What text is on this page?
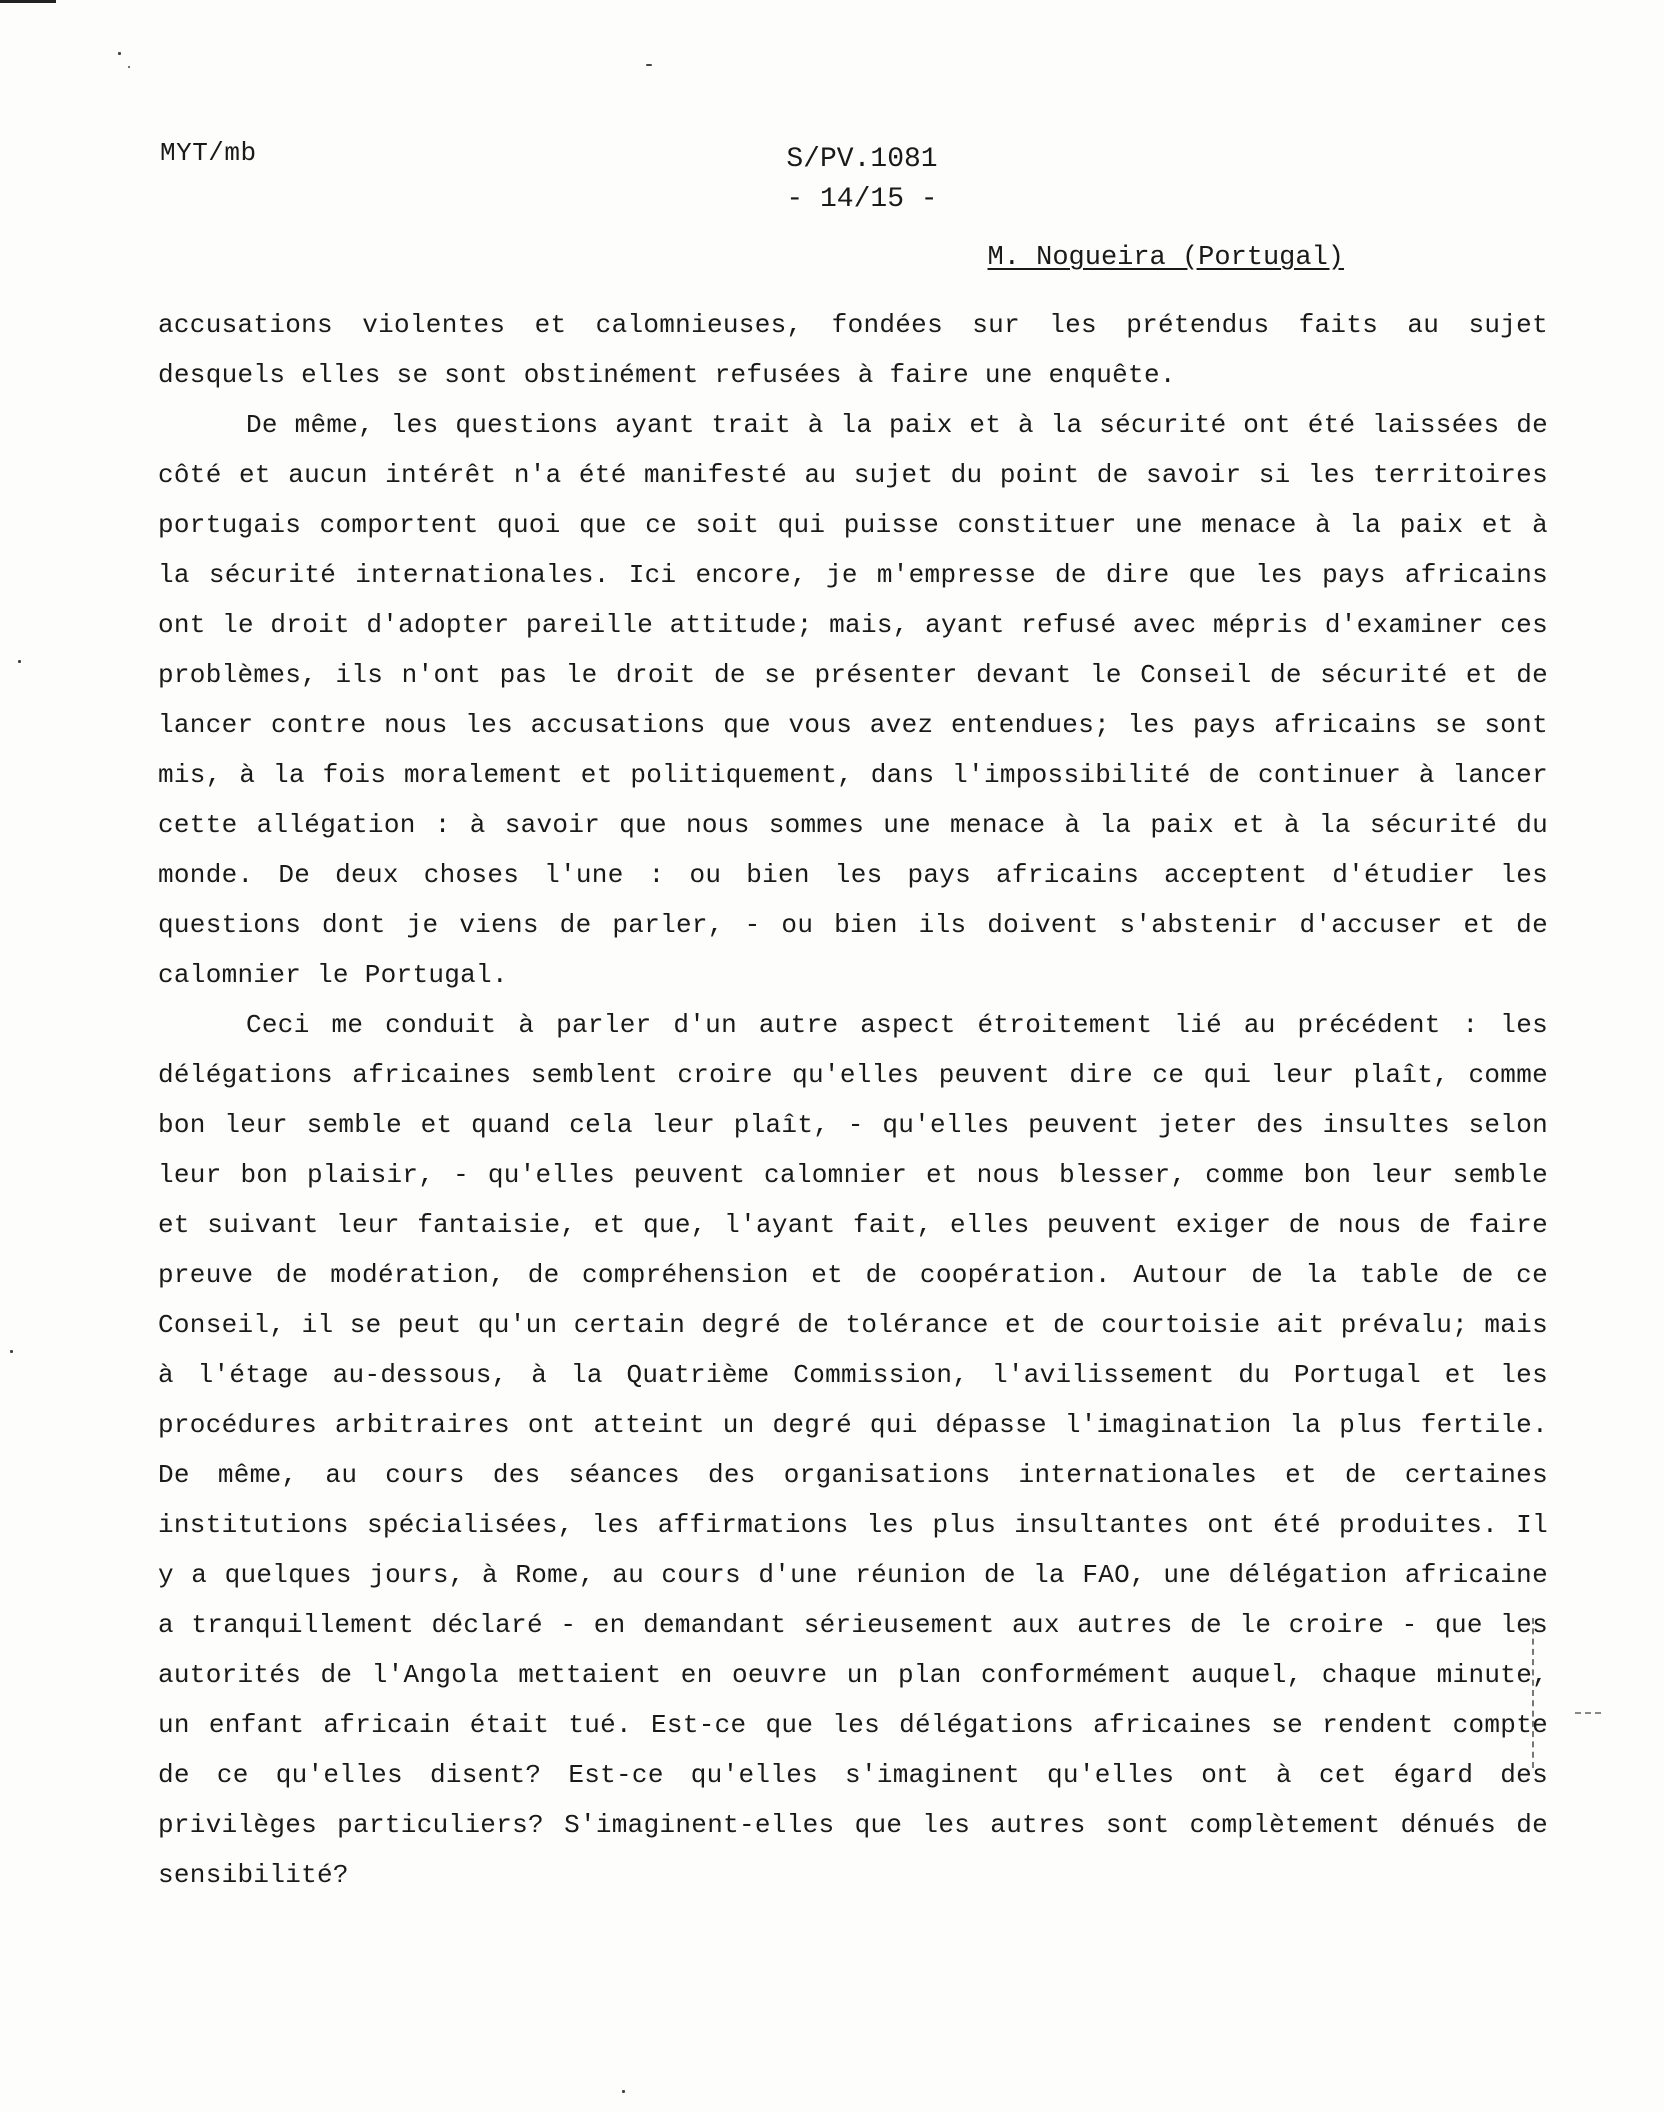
MYT/mb	S/PV.1081
- 14/15 -
M. Nogueira (Portugal)

accusations violentes et calomnieuses, fondées sur les prétendus faits au sujet desquels elles se sont obstinément refusées à faire une enquête.

De même, les questions ayant trait à la paix et à la sécurité ont été laissées de côté et aucun intérêt n'a été manifesté au sujet du point de savoir si les territoires portugais comportent quoi que ce soit qui puisse constituer une menace à la paix et à la sécurité internationales. Ici encore, je m'empresse de dire que les pays africains ont le droit d'adopter pareille attitude; mais, ayant refusé avec mépris d'examiner ces problèmes, ils n'ont pas le droit de se présenter devant le Conseil de sécurité et de lancer contre nous les accusations que vous avez entendues; les pays africains se sont mis, à la fois moralement et politiquement, dans l'impossibilité de continuer à lancer cette allégation : à savoir que nous sommes une menace à la paix et à la sécurité du monde. De deux choses l'une : ou bien les pays africains acceptent d'étudier les questions dont je viens de parler, - ou bien ils doivent s'abstenir d'accuser et de calomnier le Portugal.

Ceci me conduit à parler d'un autre aspect étroitement lié au précédent : les délégations africaines semblent croire qu'elles peuvent dire ce qui leur plaît, comme bon leur semble et quand cela leur plaît, - qu'elles peuvent jeter des insultes selon leur bon plaisir, - qu'elles peuvent calomnier et nous blesser, comme bon leur semble et suivant leur fantaisie, et que, l'ayant fait, elles peuvent exiger de nous de faire preuve de modération, de compréhension et de coopération. Autour de la table de ce Conseil, il se peut qu'un certain degré de tolérance et de courtoisie ait prévalu; mais à l'étage au-dessous, à la Quatrième Commission, l'avilissement du Portugal et les procédures arbitraires ont atteint un degré qui dépasse l'imagination la plus fertile. De même, au cours des séances des organisations internationales et de certaines institutions spécialisées, les affirmations les plus insultantes ont été produites. Il y a quelques jours, à Rome, au cours d'une réunion de la FAO, une délégation africaine a tranquillement déclaré - en demandant sérieusement aux autres de le croire - que les autorités de l'Angola mettaient en oeuvre un plan conformément auquel, chaque minute, un enfant africain était tué. Est-ce que les délégations africaines se rendent compte de ce qu'elles disent? Est-ce qu'elles s'imaginent qu'elles ont à cet égard des privilèges particuliers? S'imaginent-elles que les autres sont complètement dénués de sensibilité?
